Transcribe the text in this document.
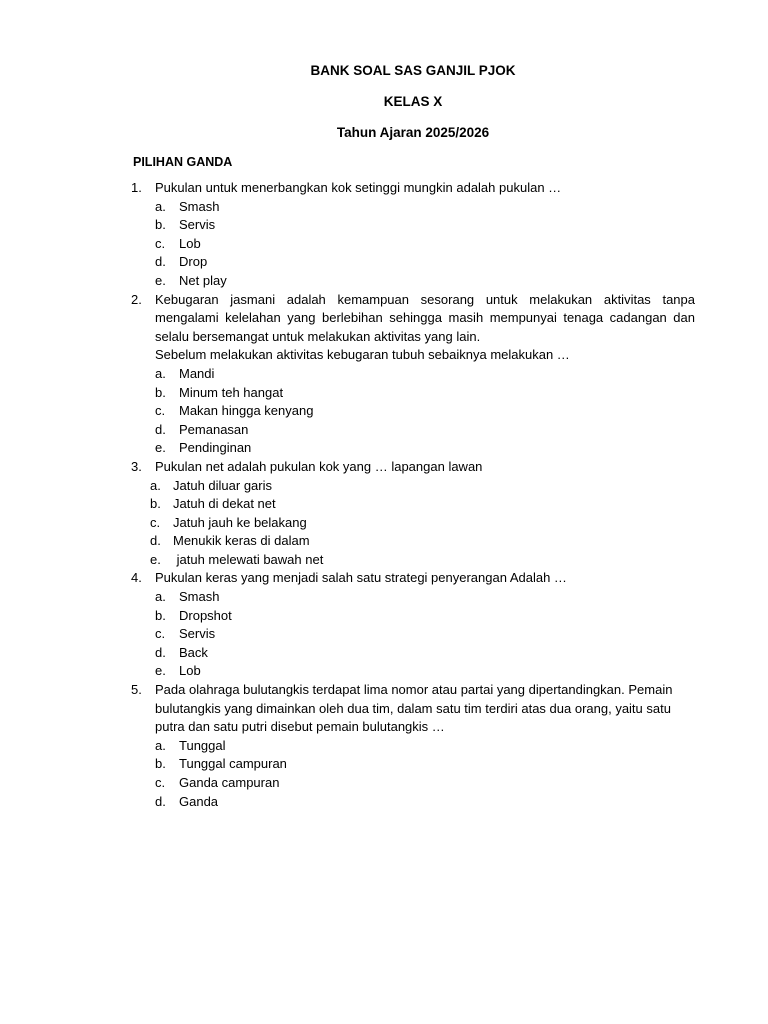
BANK SOAL SAS GANJIL PJOK
KELAS X
Tahun Ajaran 2025/2026
PILIHAN GANDA
1. Pukulan untuk menerbangkan kok setinggi mungkin adalah pukulan …
a. Smash
b. Servis
c. Lob
d. Drop
e. Net play
2. Kebugaran jasmani adalah kemampuan sesorang untuk melakukan aktivitas tanpa mengalami kelelahan yang berlebihan sehingga masih mempunyai tenaga cadangan dan selalu bersemangat untuk melakukan aktivitas yang lain.
Sebelum melakukan aktivitas kebugaran tubuh sebaiknya melakukan …
a. Mandi
b. Minum teh hangat
c. Makan hingga kenyang
d. Pemanasan
e. Pendinginan
3. Pukulan net adalah pukulan kok yang … lapangan lawan
a. Jatuh diluar garis
b. Jatuh di dekat net
c. Jatuh jauh ke belakang
d. Menukik keras di dalam
e. jatuh melewati bawah net
4. Pukulan keras yang menjadi salah satu strategi penyerangan Adalah …
a. Smash
b. Dropshot
c. Servis
d. Back
e. Lob
5. Pada olahraga bulutangkis terdapat lima nomor atau partai yang dipertandingkan. Pemain bulutangkis yang dimainkan oleh dua tim, dalam satu tim terdiri atas dua orang, yaitu satu putra dan satu putri disebut pemain bulutangkis …
a. Tunggal
b. Tunggal campuran
c. Ganda campuran
d. Ganda
